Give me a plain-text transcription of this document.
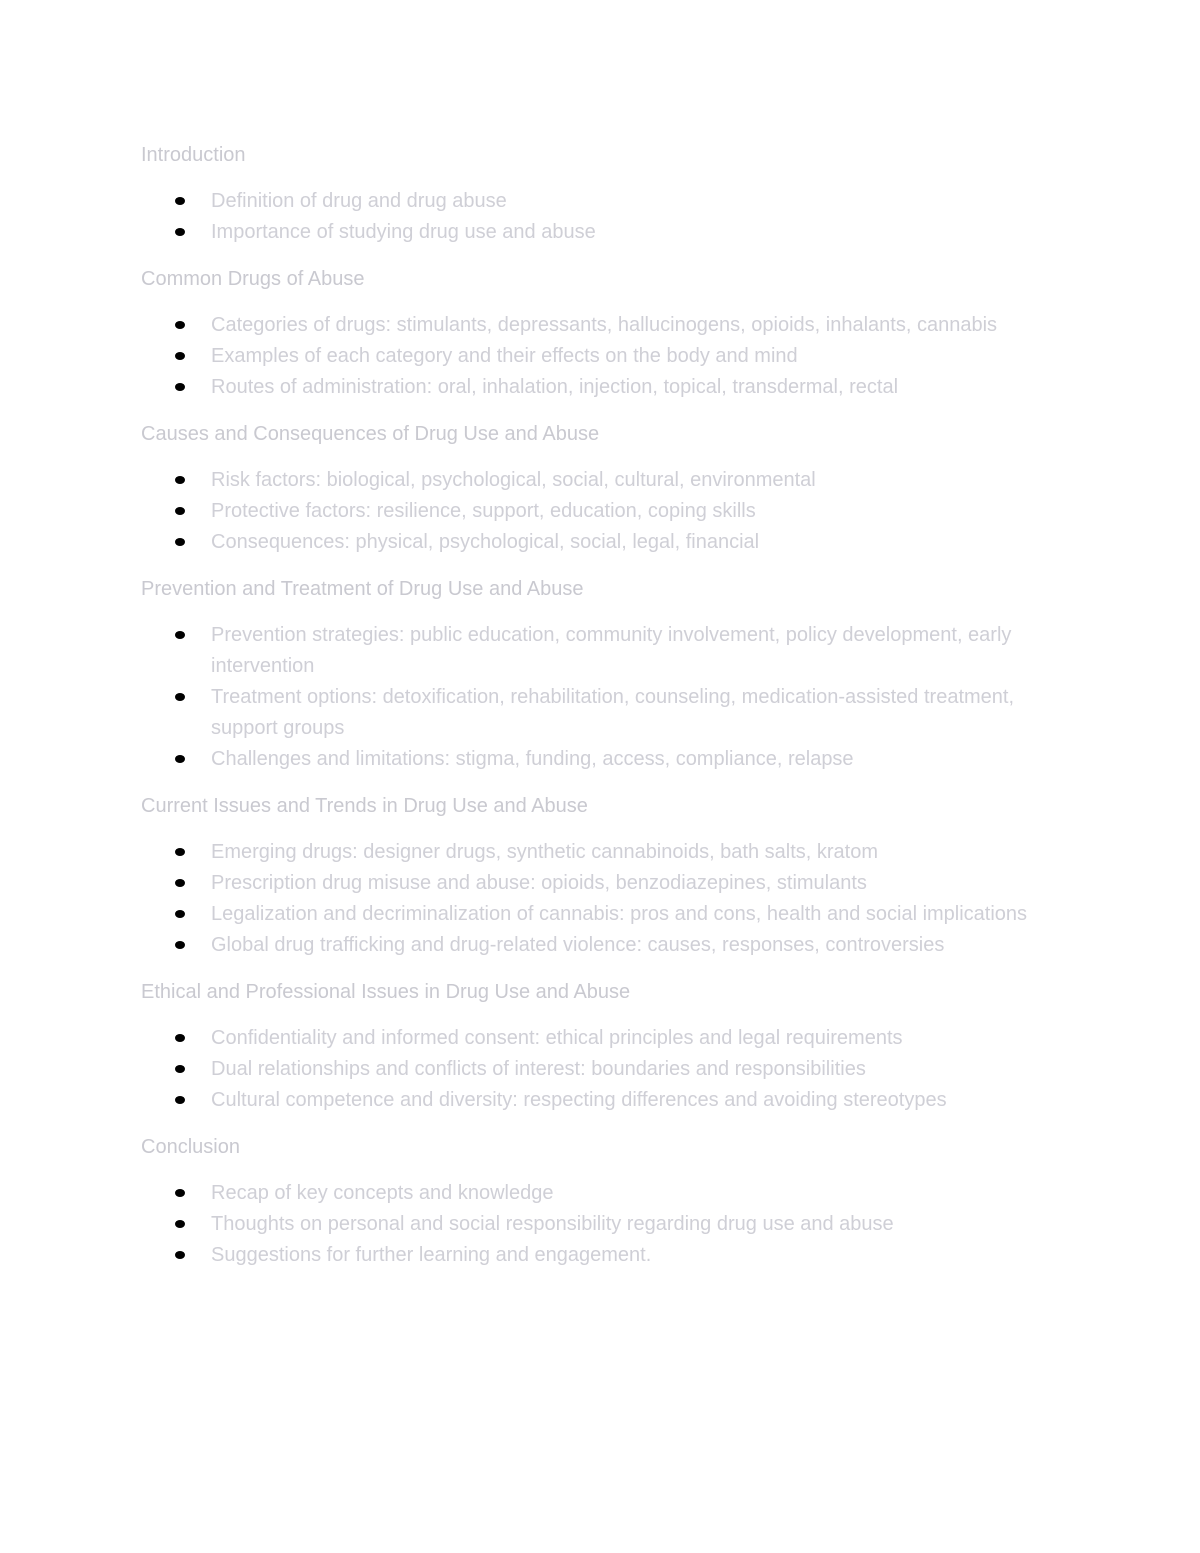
Introduction
Definition of drug and drug abuse
Importance of studying drug use and abuse
Common Drugs of Abuse
Categories of drugs: stimulants, depressants, hallucinogens, opioids, inhalants, cannabis
Examples of each category and their effects on the body and mind
Routes of administration: oral, inhalation, injection, topical, transdermal, rectal
Causes and Consequences of Drug Use and Abuse
Risk factors: biological, psychological, social, cultural, environmental
Protective factors: resilience, support, education, coping skills
Consequences: physical, psychological, social, legal, financial
Prevention and Treatment of Drug Use and Abuse
Prevention strategies: public education, community involvement, policy development, early intervention
Treatment options: detoxification, rehabilitation, counseling, medication-assisted treatment, support groups
Challenges and limitations: stigma, funding, access, compliance, relapse
Current Issues and Trends in Drug Use and Abuse
Emerging drugs: designer drugs, synthetic cannabinoids, bath salts, kratom
Prescription drug misuse and abuse: opioids, benzodiazepines, stimulants
Legalization and decriminalization of cannabis: pros and cons, health and social implications
Global drug trafficking and drug-related violence: causes, responses, controversies
Ethical and Professional Issues in Drug Use and Abuse
Confidentiality and informed consent: ethical principles and legal requirements
Dual relationships and conflicts of interest: boundaries and responsibilities
Cultural competence and diversity: respecting differences and avoiding stereotypes
Conclusion
Recap of key concepts and knowledge
Thoughts on personal and social responsibility regarding drug use and abuse
Suggestions for further learning and engagement.
